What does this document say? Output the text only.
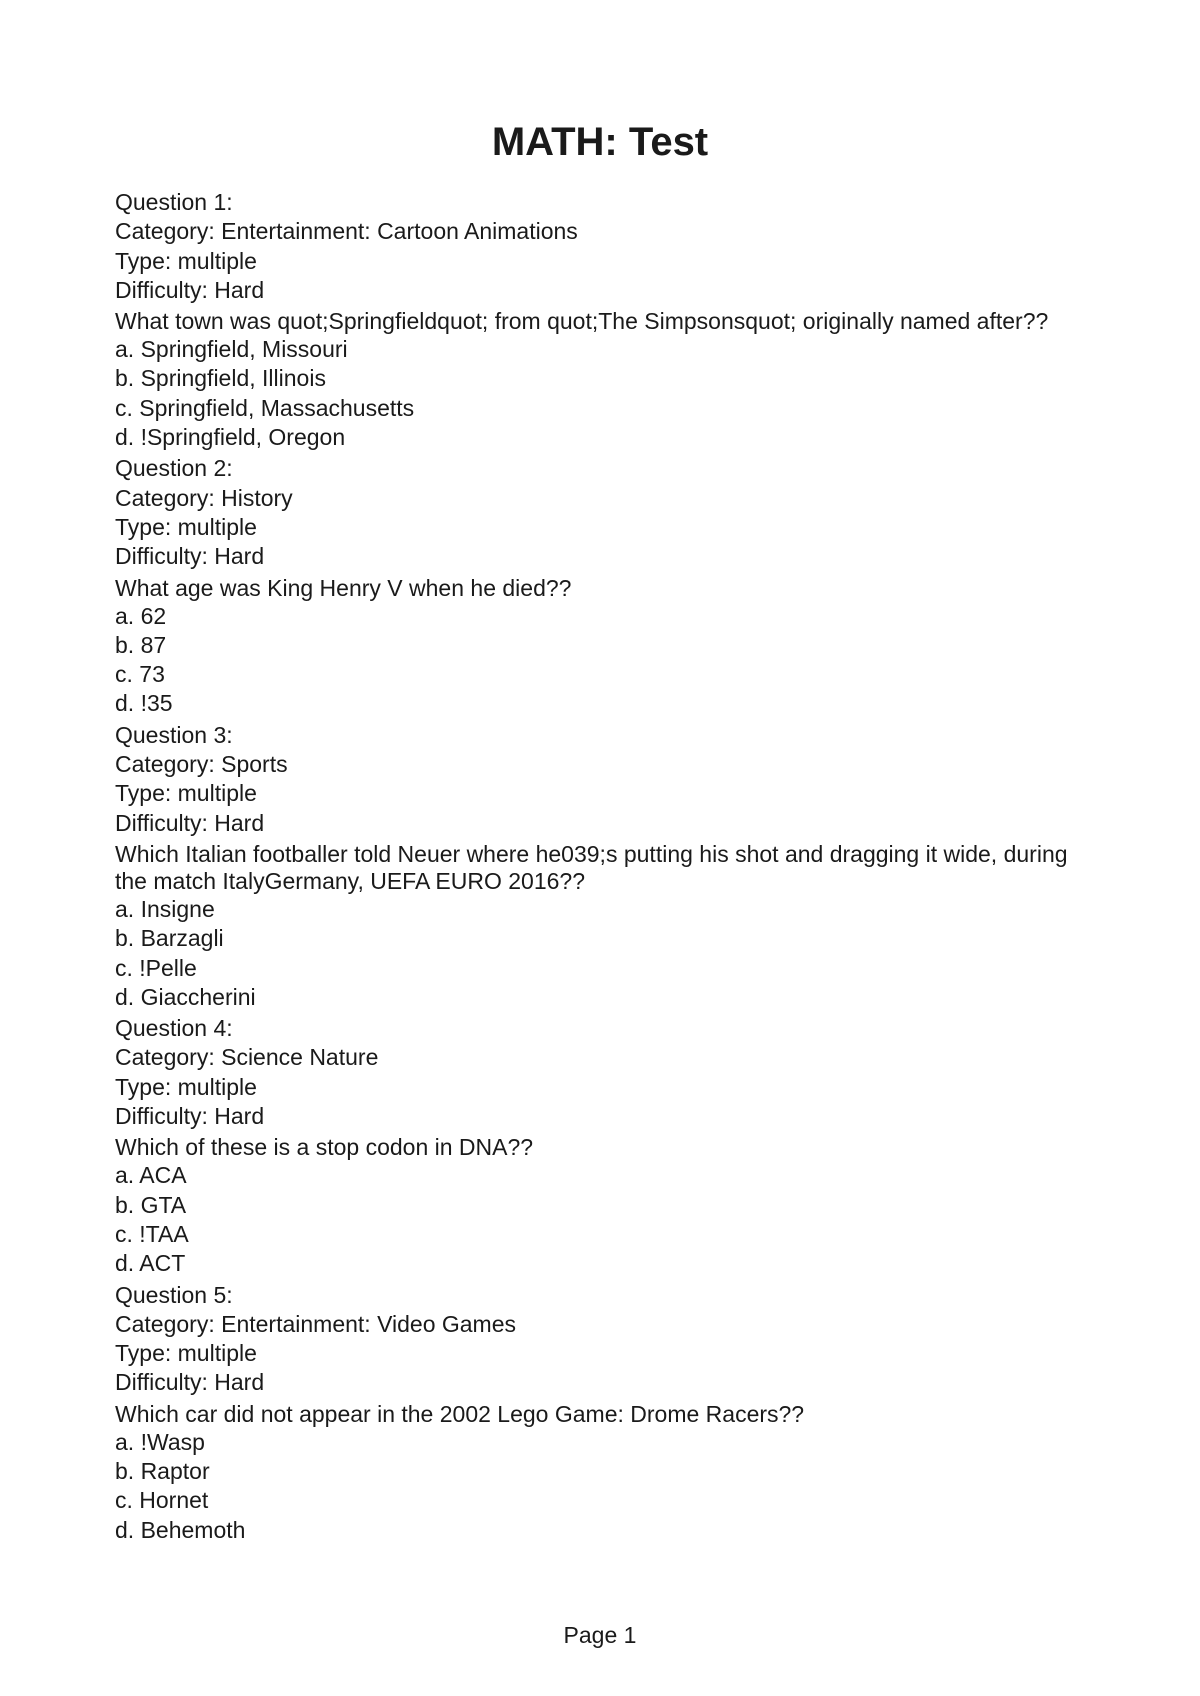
MATH: Test
Question 1:
Category: Entertainment: Cartoon Animations
Type: multiple
Difficulty: Hard
What town was quot;Springfieldquot; from quot;The Simpsonsquot; originally named after??
a. Springfield, Missouri
b. Springfield, Illinois
c. Springfield, Massachusetts
d. !Springfield, Oregon
Question 2:
Category: History
Type: multiple
Difficulty: Hard
What age was King Henry V when he died??
a. 62
b. 87
c. 73
d. !35
Question 3:
Category: Sports
Type: multiple
Difficulty: Hard
Which Italian footballer told Neuer where he039;s putting his shot and dragging it wide, during the match ItalyGermany, UEFA EURO 2016??
a. Insigne
b. Barzagli
c. !Pelle
d. Giaccherini
Question 4:
Category: Science Nature
Type: multiple
Difficulty: Hard
Which of these is a stop codon in DNA??
a. ACA
b. GTA
c. !TAA
d. ACT
Question 5:
Category: Entertainment: Video Games
Type: multiple
Difficulty: Hard
Which car did not appear in the 2002 Lego Game: Drome Racers??
a. !Wasp
b. Raptor
c. Hornet
d. Behemoth
Page 1
